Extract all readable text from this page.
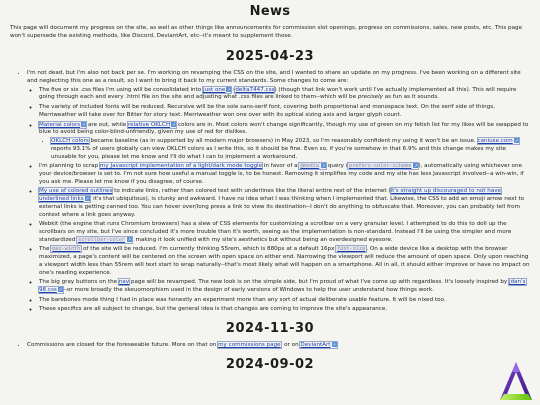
News

This page will document my progress on the site, as well as other things like announcements for commission slot openings, progress on commissions, sales, new posts, etc. This page won't supersede the existing methods, like Discord, DeviantArt, etc--it's meant to supplement those.

2025-04-23
• I'm not dead, but I'm also not back per se. I'm working on revamping the CSS on the site, and I wanted to share an update on my progress. I've been working on a different site and neglecting this one as a result, so I want to bring it back to my current standards. Some changes to come are:
◦ The five or six .css files I'm using will be consolidated into just one ↗ (delta7447.css) (though that link won't work until I've actually implemented all this). This will require going through each and every .html file on the site and adjusting what .css files are linked to them--which will be precisely as fun as it sounds.
◦ The variety of included fonts will be reduced. Recursive will be the sole sans-serif font, covering both proportional and monospace text. On the serif side of things, Merriweather will take over for Bitter for story text. Merriweather won one over with its optical sizing axis and larger glyph count.
◦ Material colors ↗ are out, while relative OKLCH ↗ colors are in. Most colors won't change significantly, though my use of green on my fetish list for my likes will be swapped to blue to avoid being color-blind-unfriendly, given my use of red for dislikes.
• OKLCH colors became baseline (as in supported by all modern major browsers) in May 2023, so I'm reasonably confident my using it won't be an issue. caniuse.com ↗ reports 93.1% of users globally can view OKLCH colors as I write this, so it should be fine. Even so, if you're somehow in that 6.9% and this change makes my site unusable for you, please let me know and I'll do what I can to implement a workaround.
◦ I'm planning to scrap my Javascript implementation of a light/dark mode toggle in favor of a @media ↗ query (prefers-color-scheme ↗), automatically using whichever one your device/browser is set to. I'm not sure how useful a manual toggle is, to be honest. Removing it simplifies my code and my site has less Javascript involved--a win-win, if you ask me. Please let me know if you disagree, of course.
◦ My use of colored outlines to indicate links, rather than colored text with underlines like the literal entire rest of the internet (it's straight up discouraged to not have underlined links ↗, it's that ubiquitous), is clunky and awkward. I have no idea what I was thinking when I implemented that. Likewise, the CSS to add an emoji arrow next to external links is getting canned too. You can hover over/long press a link to view its destination--I don't do anything to obfuscate that. Moreover, you can probably tell from context where a link goes anyway.
◦ Webkit (the engine that runs Chromium browsers) has a slew of CSS elements for customizing a scrollbar on a very granular level. I attempted to do this to doll up the scrollbars on my site, but I've since concluded it's more trouble than it's worth, seeing as the implementation is non-standard. Instead I'll be using the simpler and more standardized scrollbar-color ↗, making it look unified with my site's aesthetics but without being an overdesigned eyesore.
◦ The max-width of the site will be reduced. I'm currently thinking 55rem, which is 880px at a default 16px font-size. On a wide device like a desktop with the browser maximized, a page's content will be centered on the screen with open space on either end. Narrowing the viewport will reduce the amount of open space. Only upon reaching a viewport width less than 55rem will text start to wrap naturally--that's most likely what will happen on a smartphone. All in all, it should either improve or have no impact on one's reading experience.
◦ The big gray buttons on the nav page will be revamped. The new look is on the simple side, but I'm proud of what I've come up with regardless. It's loosely inspired by jdan's 98.css ↗--or more broadly the skeuomorphism used in the design of early versions of Windows to help the user understand how things work.
◦ The barebones mode thing I had in place was honestly an experiment more than any sort of actual deliberate usable feature. It will be nixed too.
◦ These specifics are all subject to change, but the general idea is that changes are coming to improve the site's appearance.
2024-11-30
• Commissions are closed for the foreseeable future. More on that on my commissions page, or on DeviantArt ↗.
2024-09-02
